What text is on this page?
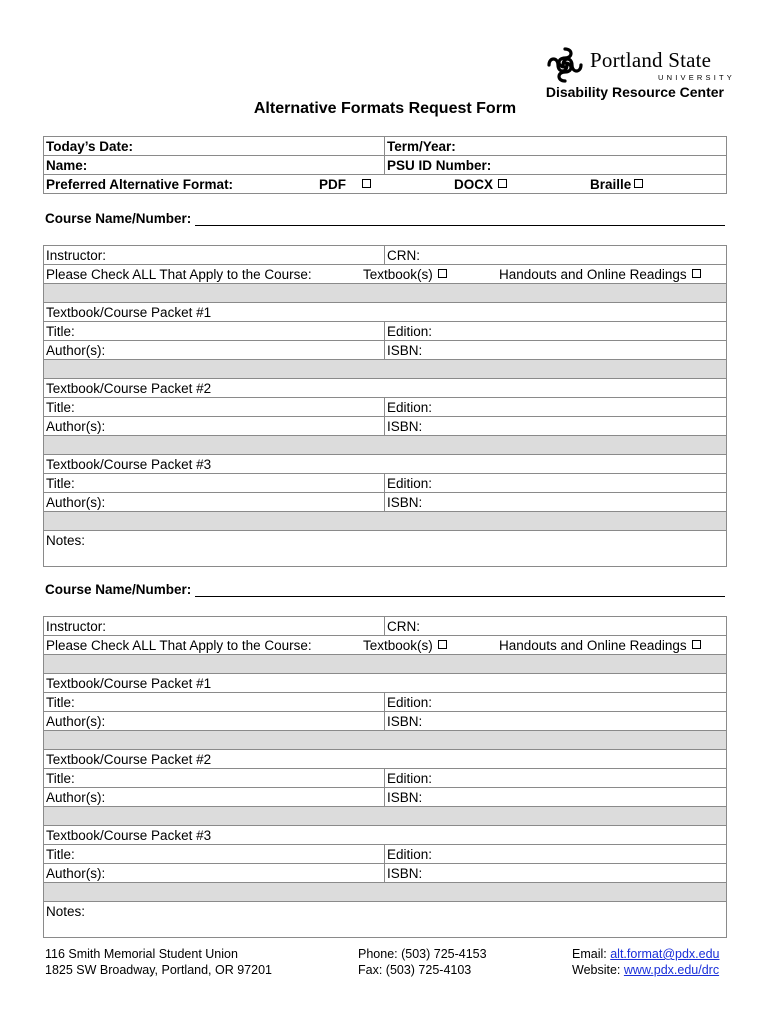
Portland State
UNIVERSITY
Disability Resource Center
Alternative Formats Request Form
Today’s Date:	Term/Year:
Name:	PSU ID Number:

Preferred Alternative Format: PDF DOCX Braille	
Course Name/Number:
Instructor:	CRN:

Please Check ALL That Apply to the Course: Textbook(s) Handouts and Online Readings	

Textbook/Course Packet #1	
Title:	Edition:
Author(s):	ISBN:

Textbook/Course Packet #2	
Title:	Edition:
Author(s):	ISBN:

Textbook/Course Packet #3	
Title:	Edition:
Author(s):	ISBN:

Notes:	
Course Name/Number:
Instructor:	CRN:

Please Check ALL That Apply to the Course: Textbook(s) Handouts and Online Readings	

Textbook/Course Packet #1	
Title:	Edition:
Author(s):	ISBN:

Textbook/Course Packet #2	
Title:	Edition:
Author(s):	ISBN:

Textbook/Course Packet #3	
Title:	Edition:
Author(s):	ISBN:

Notes:	
116 Smith Memorial Student Union
1825 SW Broadway, Portland, OR 97201
Phone: (503) 725-4153
Fax: (503) 725-4103
Email: alt.format@pdx.edu
Website: www.pdx.edu/drc
